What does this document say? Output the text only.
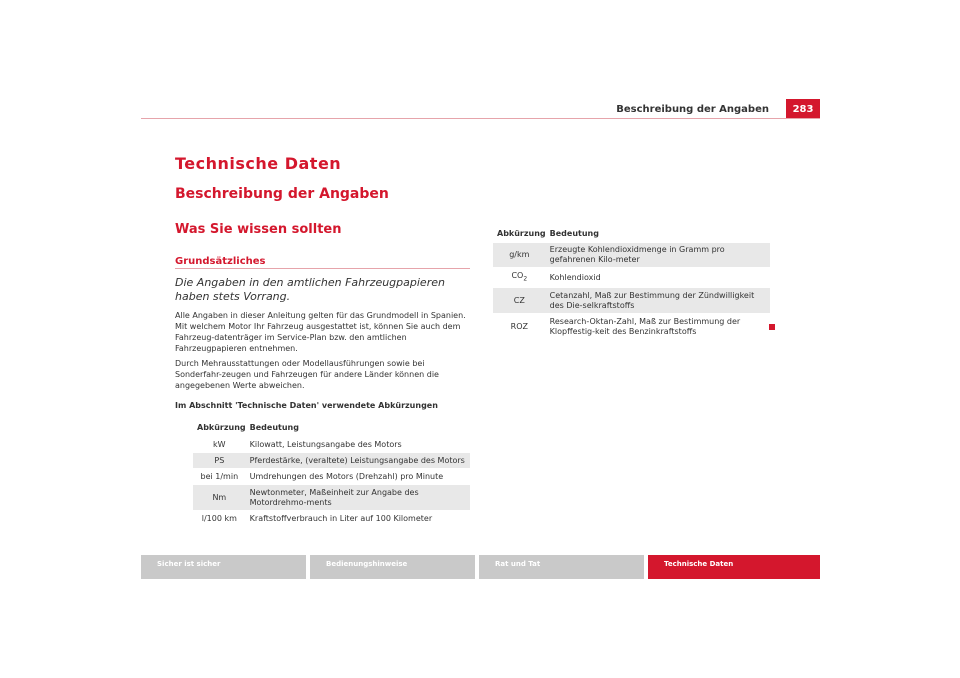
Beschreibung der Angaben	283
Technische Daten
Beschreibung der Angaben
Was Sie wissen sollten
Grundsätzliches
Die Angaben in den amtlichen Fahrzeugpapieren haben stets Vorrang.
Alle Angaben in dieser Anleitung gelten für das Grundmodell in Spanien. Mit welchem Motor Ihr Fahrzeug ausgestattet ist, können Sie auch dem Fahrzeug-datenträger im Service-Plan bzw. den amtlichen Fahrzeugpapieren entnehmen.
Durch Mehrausstattungen oder Modellausführungen sowie bei Sonderfahr-zeugen und Fahrzeugen für andere Länder können die angegebenen Werte abweichen.
Im Abschnitt 'Technische Daten' verwendete Abkürzungen
Abkürzung	Bedeutung
kW	Kilowatt, Leistungsangabe des Motors
PS	Pferdestärke, (veraltete) Leistungsangabe des Motors
bei 1/min	Umdrehungen des Motors (Drehzahl) pro Minute
Nm	Newtonmeter, Maßeinheit zur Angabe des Motordrehmo-ments
l/100 km	Kraftstoffverbrauch in Liter auf 100 Kilometer
Abkürzung	Bedeutung
g/km	Erzeugte Kohlendioxidmenge in Gramm pro gefahrenen Kilo-meter
$CO_2$	Kohlendioxid
CZ	Cetanzahl, Maß zur Bestimmung der Zündwilligkeit des Die-selkraftstoffs
ROZ	Research-Oktan-Zahl, Maß zur Bestimmung der Klopffestig-keit des Benzinkraftstoffs
Sicher ist sicher	Bedienungshinweise	Rat und Tat	Technische Daten
